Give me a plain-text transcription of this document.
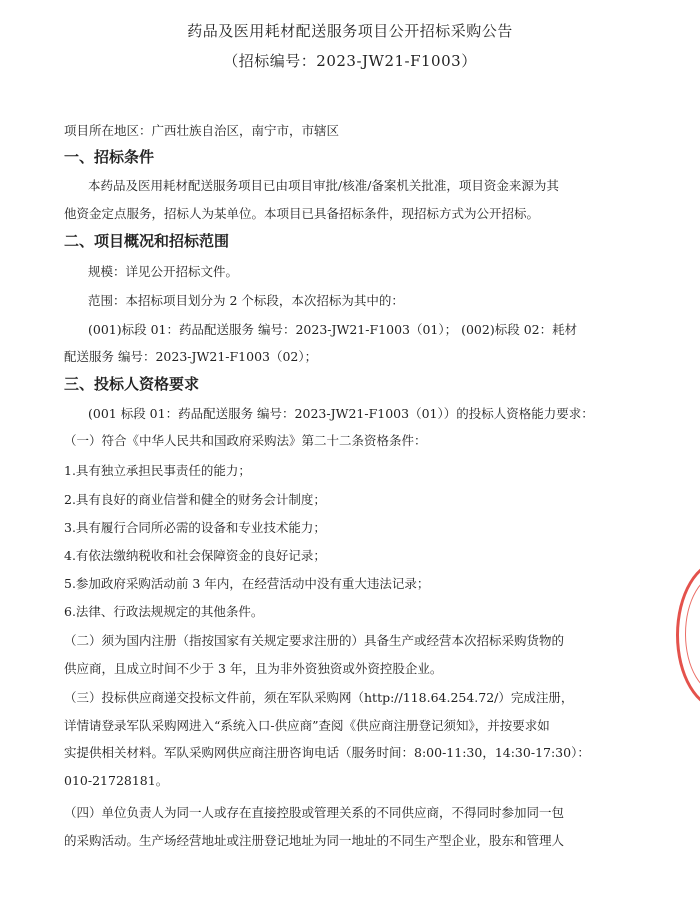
药品及医用耗材配送服务项目公开招标采购公告
（招标编号：2023-JW21-F1003）
项目所在地区：广西壮族自治区，南宁市，市辖区
一、招标条件
本药品及医用耗材配送服务项目已由项目审批/核准/备案机关批准，项目资金来源为其
他资金定点服务，招标人为某单位。本项目已具备招标条件，现招标方式为公开招标。
二、项目概况和招标范围
规模：详见公开招标文件。
范围：本招标项目划分为 2 个标段，本次招标为其中的：
(001)标段 01：药品配送服务 编号：2023-JW21-F1003（01）； (002)标段 02：耗材
配送服务 编号：2023-JW21-F1003（02）；
三、投标人资格要求
(001 标段 01：药品配送服务 编号：2023-JW21-F1003（01））的投标人资格能力要求：
（一）符合《中华人民共和国政府采购法》第二十二条资格条件：
1.具有独立承担民事责任的能力；
2.具有良好的商业信誉和健全的财务会计制度；
3.具有履行合同所必需的设备和专业技术能力；
4.有依法缴纳税收和社会保障资金的良好记录；
5.参加政府采购活动前 3 年内，在经营活动中没有重大违法记录；
6.法律、行政法规规定的其他条件。
（二）须为国内注册（指按国家有关规定要求注册的）具备生产或经营本次招标采购货物的
供应商，且成立时间不少于 3 年，且为非外资独资或外资控股企业。
（三）投标供应商递交投标文件前，须在军队采购网（http://118.64.254.72/）完成注册，
详情请登录军队采购网进入“系统入口-供应商”查阅《供应商注册登记须知》，并按要求如
实提供相关材料。军队采购网供应商注册咨询电话（服务时间：8:00-11:30，14:30-17:30）：
010-21728181。
（四）单位负责人为同一人或存在直接控股或管理关系的不同供应商，不得同时参加同一包
的采购活动。生产场经营地址或注册登记地址为同一地址的不同生产型企业，股东和管理人
